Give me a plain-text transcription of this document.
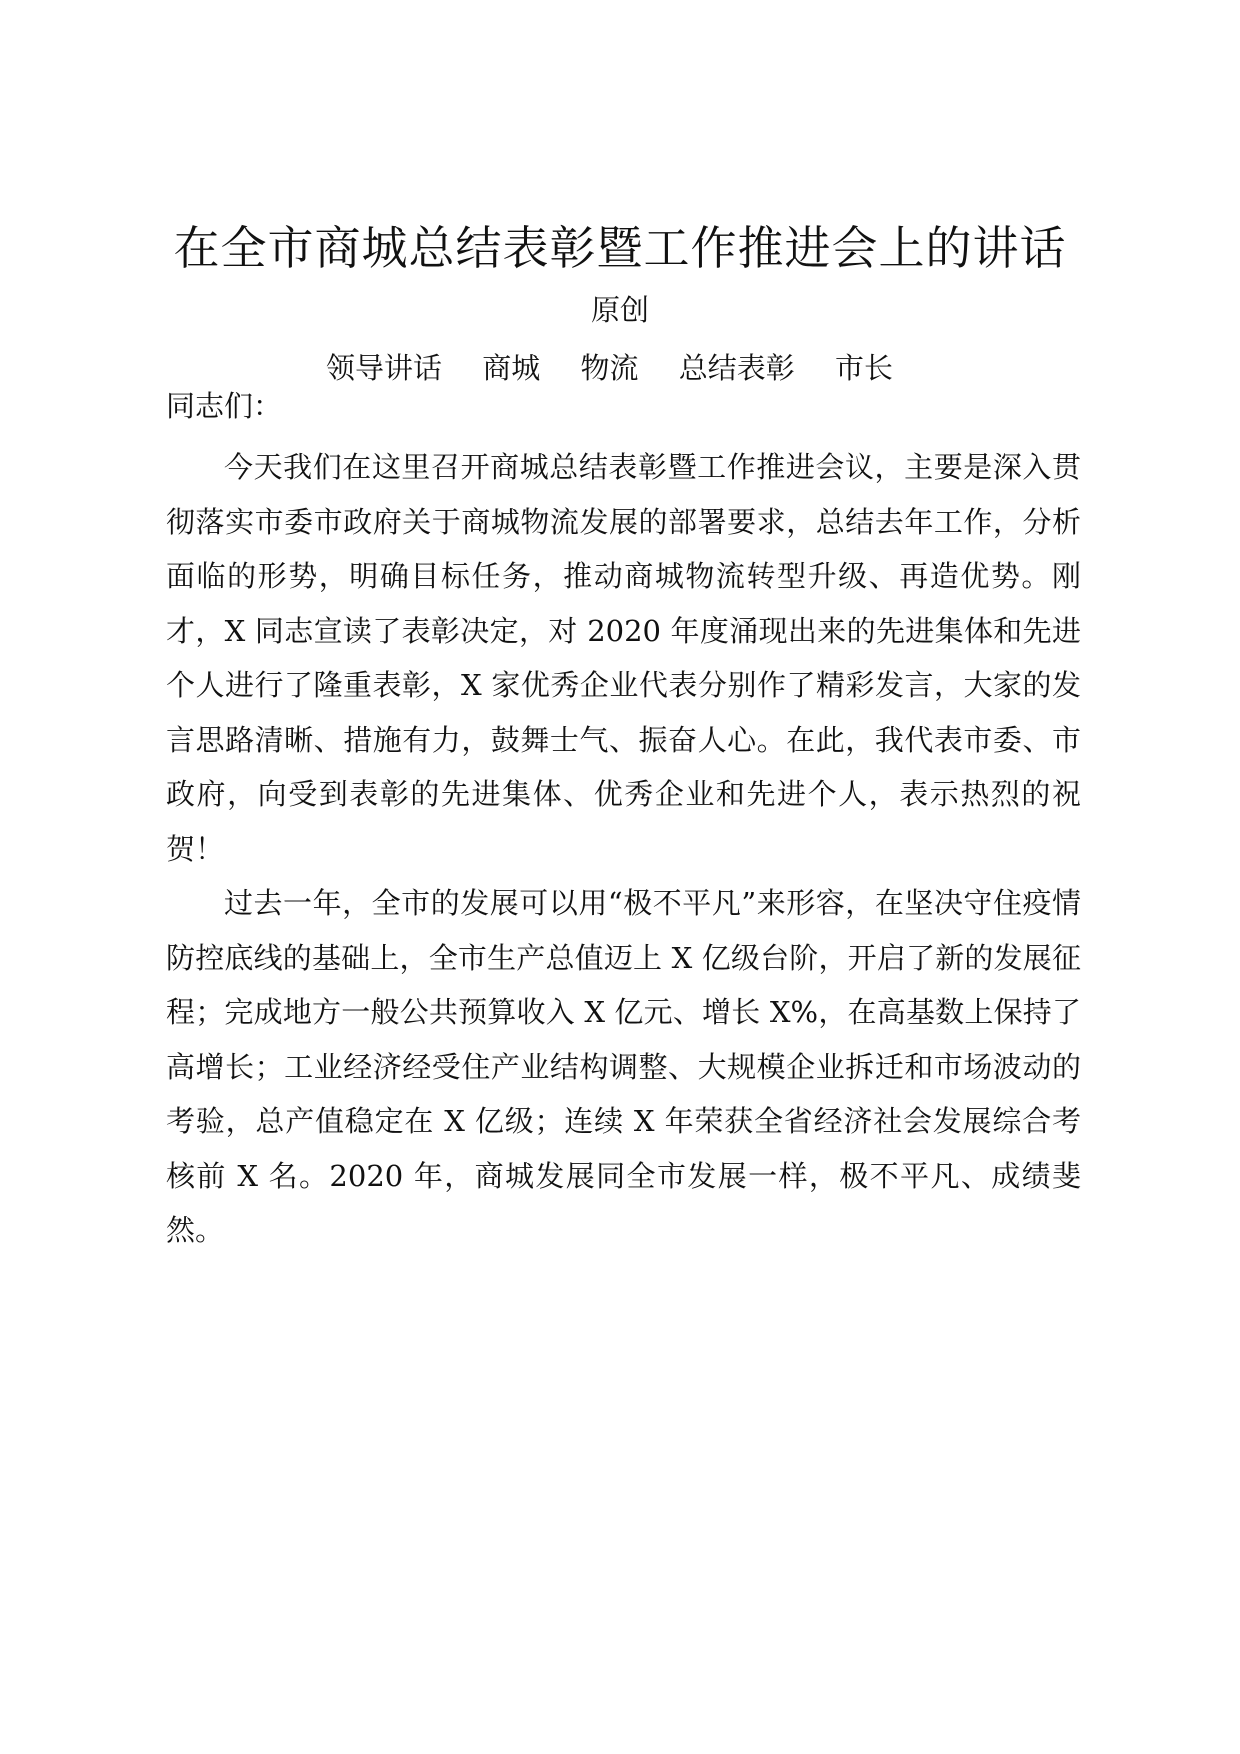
在全市商城总结表彰暨工作推进会上的讲话
原创
领导讲话 商城 物流 总结表彰 市长
同志们：

今天我们在这里召开商城总结表彰暨工作推进会议，主要是深入贯彻落实市委市政府关于商城物流发展的部署要求，总结去年工作，分析面临的形势，明确目标任务，推动商城物流转型升级、再造优势。刚才，X 同志宣读了表彰决定，对 2020 年度涌现出来的先进集体和先进个人进行了隆重表彰，X 家优秀企业代表分别作了精彩发言，大家的发言思路清晰、措施有力，鼓舞士气、振奋人心。在此，我代表市委、市政府，向受到表彰的先进集体、优秀企业和先进个人，表示热烈的祝贺！

过去一年，全市的发展可以用“极不平凡”来形容，在坚决守住疫情防控底线的基础上，全市生产总值迈上 X 亿级台阶，开启了新的发展征程；完成地方一般公共预算收入 X 亿元、增长 X%，在高基数上保持了高增长；工业经济经受住产业结构调整、大规模企业拆迁和市场波动的考验，总产值稳定在 X 亿级；连续 X 年荣获全省经济社会发展综合考核前 X 名。2020 年，商城发展同全市发展一样，极不平凡、成绩斐然。
